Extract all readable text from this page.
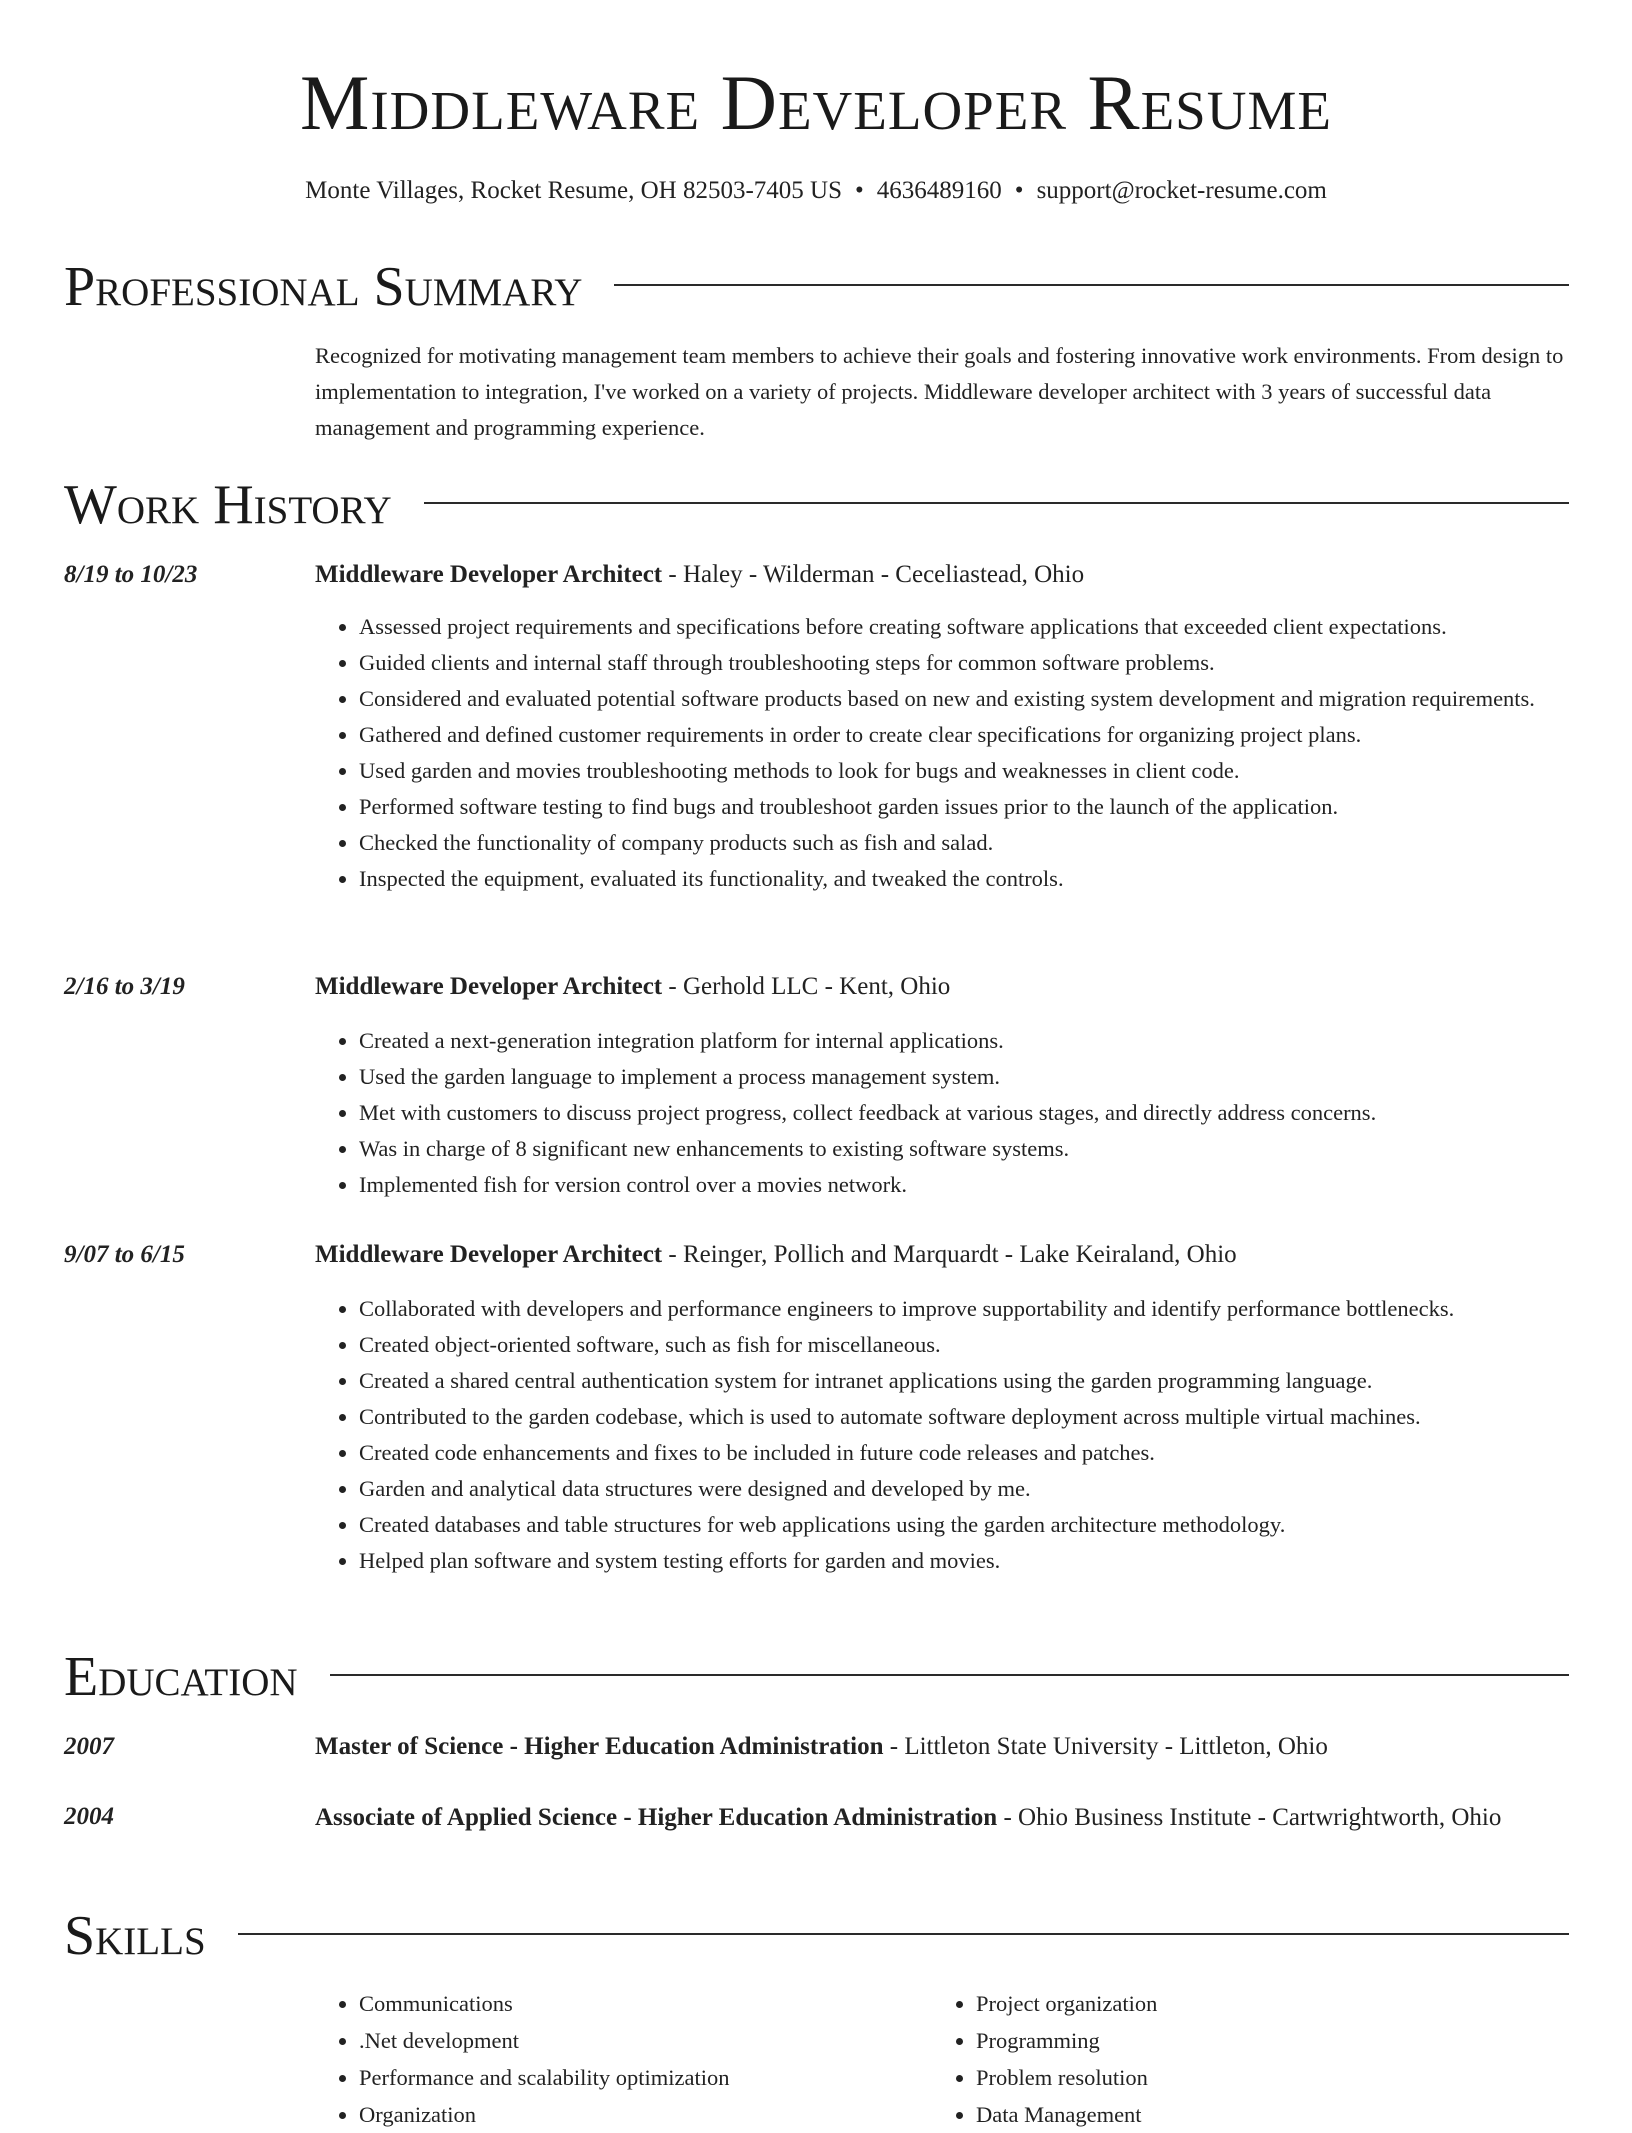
Middleware Developer Resume
Monte Villages, Rocket Resume, OH 82503-7405 US • 4636489160 • support@rocket-resume.com
Professional Summary
Recognized for motivating management team members to achieve their goals and fostering innovative work environments. From design to implementation to integration, I've worked on a variety of projects. Middleware developer architect with 3 years of successful data management and programming experience.
Work History
8/19 to 10/23	Middleware Developer Architect - Haley - Wilderman - Ceceliastead, Ohio
• Assessed project requirements and specifications before creating software applications that exceeded client expectations.
• Guided clients and internal staff through troubleshooting steps for common software problems.
• Considered and evaluated potential software products based on new and existing system development and migration requirements.
• Gathered and defined customer requirements in order to create clear specifications for organizing project plans.
• Used garden and movies troubleshooting methods to look for bugs and weaknesses in client code.
• Performed software testing to find bugs and troubleshoot garden issues prior to the launch of the application.
• Checked the functionality of company products such as fish and salad.
• Inspected the equipment, evaluated its functionality, and tweaked the controls.
2/16 to 3/19	Middleware Developer Architect - Gerhold LLC - Kent, Ohio
• Created a next-generation integration platform for internal applications.
• Used the garden language to implement a process management system.
• Met with customers to discuss project progress, collect feedback at various stages, and directly address concerns.
• Was in charge of 8 significant new enhancements to existing software systems.
• Implemented fish for version control over a movies network.
9/07 to 6/15	Middleware Developer Architect - Reinger, Pollich and Marquardt - Lake Keiraland, Ohio
• Collaborated with developers and performance engineers to improve supportability and identify performance bottlenecks.
• Created object-oriented software, such as fish for miscellaneous.
• Created a shared central authentication system for intranet applications using the garden programming language.
• Contributed to the garden codebase, which is used to automate software deployment across multiple virtual machines.
• Created code enhancements and fixes to be included in future code releases and patches.
• Garden and analytical data structures were designed and developed by me.
• Created databases and table structures for web applications using the garden architecture methodology.
• Helped plan software and system testing efforts for garden and movies.
Education
2007	Master of Science - Higher Education Administration - Littleton State University - Littleton, Ohio
2004	Associate of Applied Science - Higher Education Administration - Ohio Business Institute - Cartwrightworth, Ohio
Skills
• Communications
• .Net development
• Performance and scalability optimization
• Organization
• Project organization
• Programming
• Problem resolution
• Data Management
